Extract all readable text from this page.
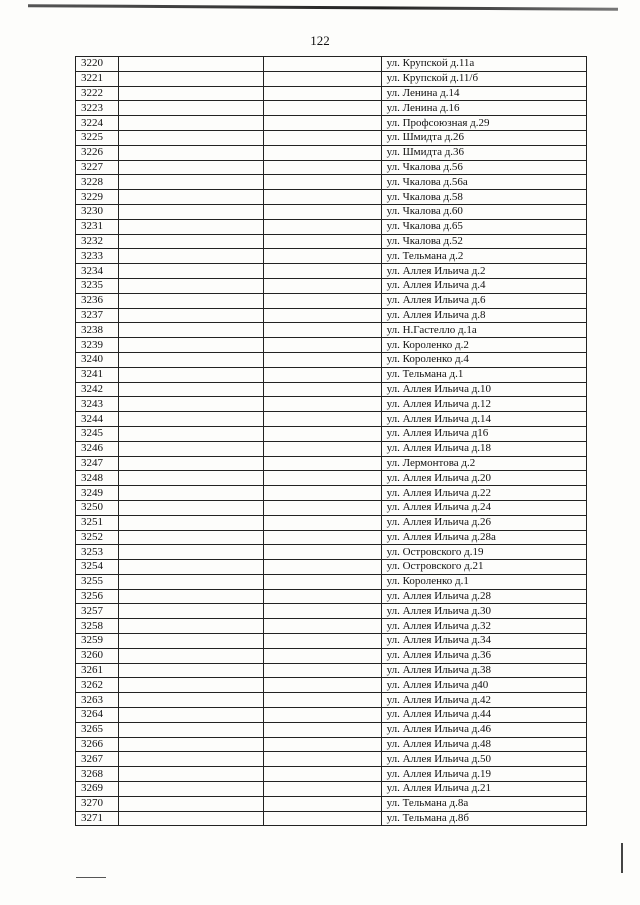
122
3220			ул. Крупской д.11а
3221			ул. Крупской д.11/б
3222			ул. Ленина д.14
3223			ул. Ленина д.16
3224			ул. Профсоюзная д.29
3225			ул. Шмидта д.26
3226			ул. Шмидта д.36
3227			ул. Чкалова д.56
3228			ул. Чкалова д.56а
3229			ул. Чкалова д.58
3230			ул. Чкалова д.60
3231			ул. Чкалова д.65
3232			ул. Чкалова д.52
3233			ул. Тельмана д.2
3234			ул. Аллея Ильича д.2
3235			ул. Аллея Ильича д.4
3236			ул. Аллея Ильича д.6
3237			ул. Аллея Ильича д.8
3238			ул. Н.Гастелло д.1а
3239			ул. Короленко д.2
3240			ул. Короленко д.4
3241			ул. Тельмана д.1
3242			ул. Аллея Ильича д.10
3243			ул. Аллея Ильича д.12
3244			ул. Аллея Ильича д.14
3245			ул. Аллея Ильича д16
3246			ул. Аллея Ильича д.18
3247			ул. Лермонтова д.2
3248			ул. Аллея Ильича д.20
3249			ул. Аллея Ильича д.22
3250			ул. Аллея Ильича д.24
3251			ул. Аллея Ильича д.26
3252			ул. Аллея Ильича д.28а
3253			ул. Островского д.19
3254			ул. Островского д.21
3255			ул. Короленко д.1
3256			ул. Аллея Ильича д.28
3257			ул. Аллея Ильича д.30
3258			ул. Аллея Ильича д.32
3259			ул. Аллея Ильича д.34
3260			ул. Аллея Ильича д.36
3261			ул. Аллея Ильича д.38
3262			ул. Аллея Ильича д40
3263			ул. Аллея Ильича д.42
3264			ул. Аллея Ильича д.44
3265			ул. Аллея Ильича д.46
3266			ул. Аллея Ильича д.48
3267			ул. Аллея Ильича д.50
3268			ул. Аллея Ильича д.19
3269			ул. Аллея Ильича д.21
3270			ул. Тельмана д.8а
3271			ул. Тельмана д.8б
